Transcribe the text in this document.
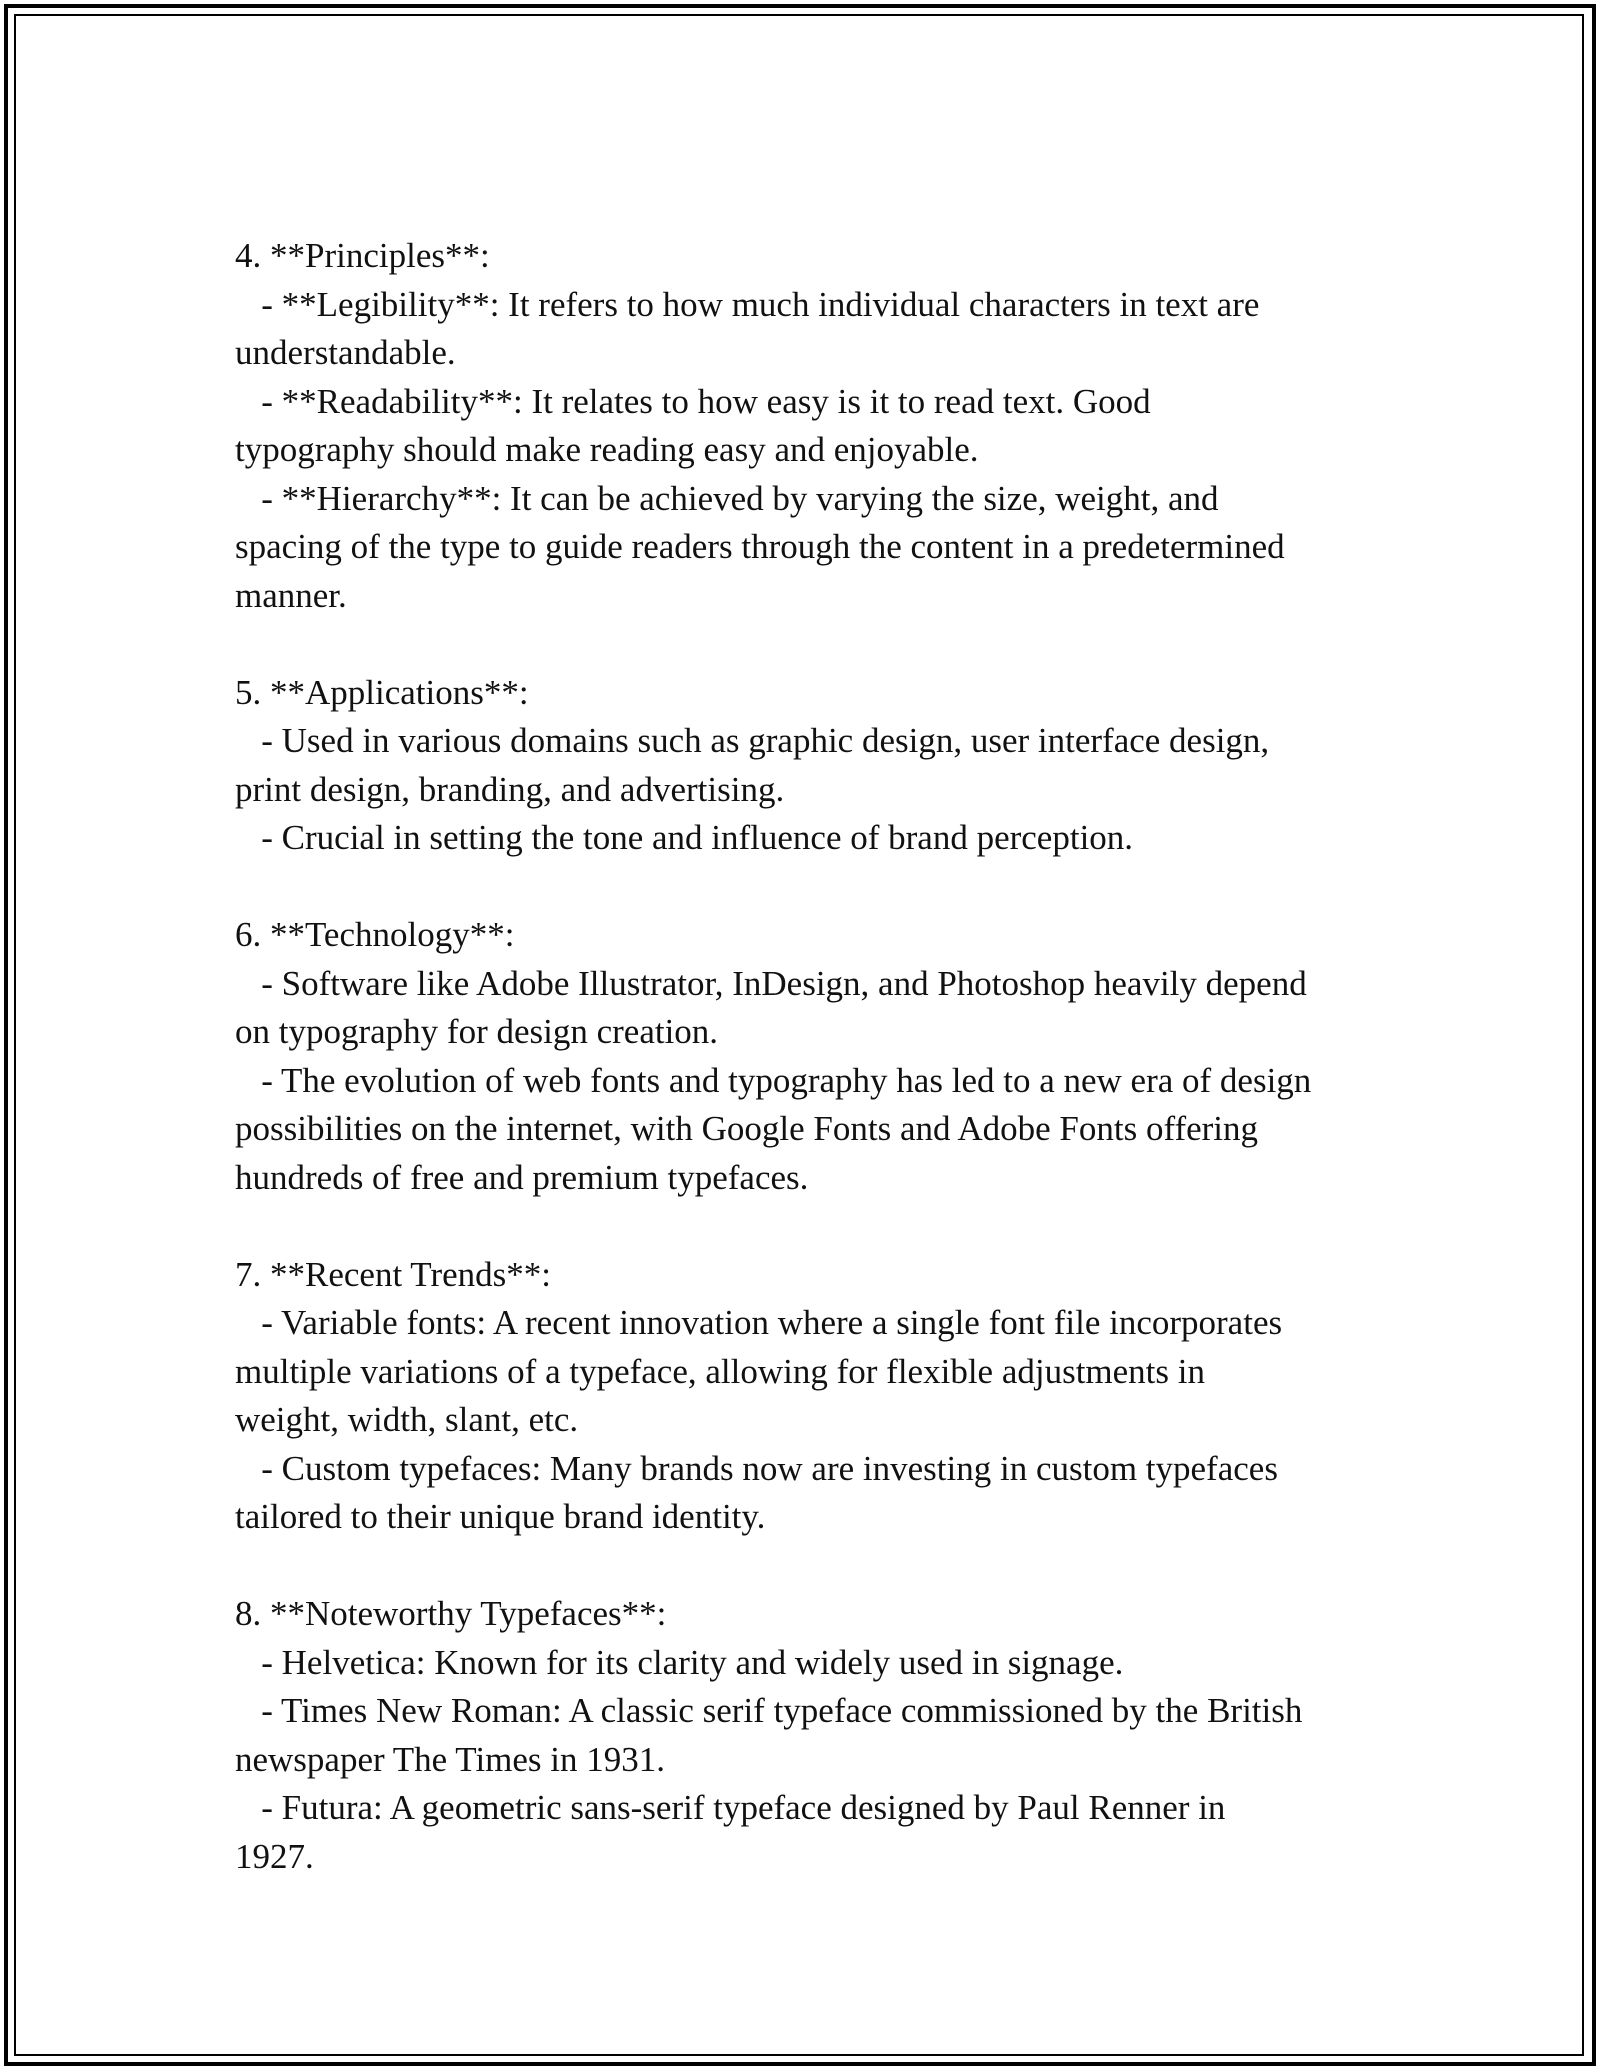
4. **Principles**:
- **Legibility**: It refers to how much individual characters in text are
understandable.
- **Readability**: It relates to how easy is it to read text. Good
typography should make reading easy and enjoyable.
- **Hierarchy**: It can be achieved by varying the size, weight, and
spacing of the type to guide readers through the content in a predetermined
manner.
5. **Applications**:
- Used in various domains such as graphic design, user interface design,
print design, branding, and advertising.
- Crucial in setting the tone and influence of brand perception.
6. **Technology**:
- Software like Adobe Illustrator, InDesign, and Photoshop heavily depend
on typography for design creation.
- The evolution of web fonts and typography has led to a new era of design
possibilities on the internet, with Google Fonts and Adobe Fonts offering
hundreds of free and premium typefaces.
7. **Recent Trends**:
- Variable fonts: A recent innovation where a single font file incorporates
multiple variations of a typeface, allowing for flexible adjustments in
weight, width, slant, etc.
- Custom typefaces: Many brands now are investing in custom typefaces
tailored to their unique brand identity.
8. **Noteworthy Typefaces**:
- Helvetica: Known for its clarity and widely used in signage.
- Times New Roman: A classic serif typeface commissioned by the British
newspaper The Times in 1931.
- Futura: A geometric sans-serif typeface designed by Paul Renner in
1927.
